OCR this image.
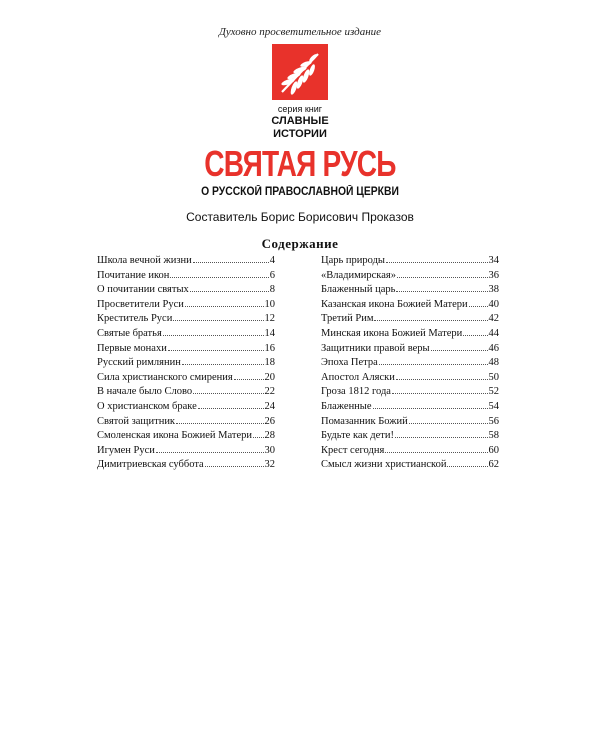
Духовно просветительное издание
серия книг
СЛАВНЫЕ
ИСТОРИИ
СВЯТАЯ РУСЬ
О РУССКОЙ ПРАВОСЛАВНОЙ ЦЕРКВИ
Составитель Борис Борисович Проказов
Содержание
Школа вечной жизни	4
Почитание икон	6
О почитании святых	8
Просветители Руси	10
Креститель Руси	12
Святые братья	14
Первые монахи	16
Русский римлянин	18
Сила христианского смирения	20
В начале было Слово	22
О христианском браке	24
Святой защитник	26
Смоленская икона Божией Матери 28
Игумен Руси	30
Димитриевская суббота	32
Царь природы	34
«Владимирская»	36
Блаженный царь	38
Казанская икона Божией Матери 40
Третий Рим	42
Минская икона Божией Матери 44
Защитники правой веры	46
Эпоха Петра	48
Апостол Аляски	50
Гроза 1812 года	52
Блаженные	54
Помазанник Божий	56
Будьте как дети!	58
Крест сегодня	60
Смысл жизни христианской	62
